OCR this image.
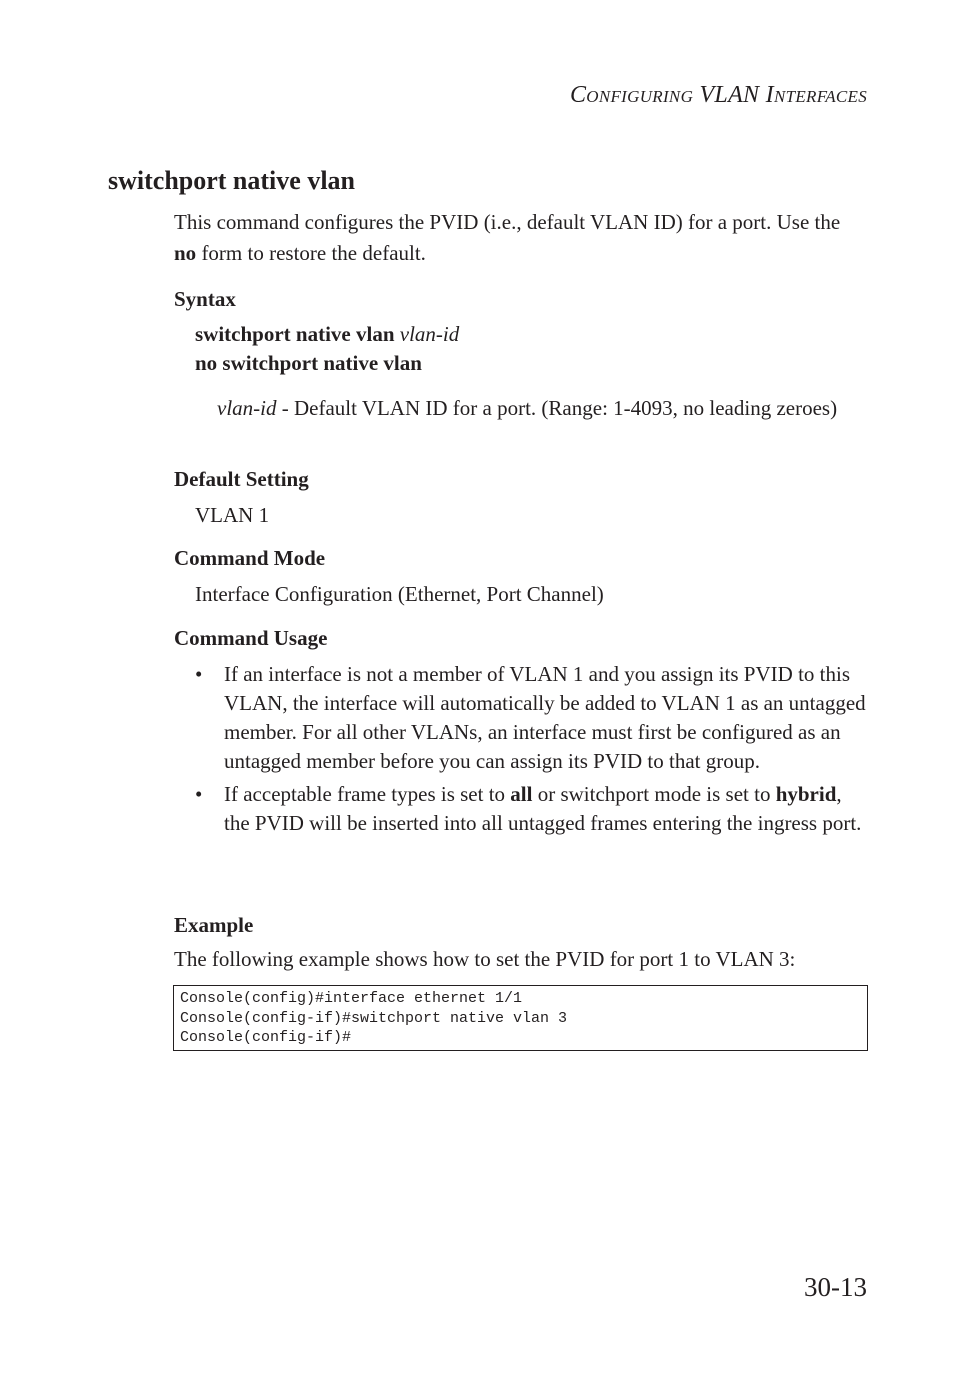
CONFIGURING VLAN INTERFACES
switchport native vlan

This command configures the PVID (i.e., default VLAN ID) for a port. Use the no form to restore the default.

Syntax
switchport native vlan vlan-id
no switchport native vlan

vlan-id - Default VLAN ID for a port. (Range: 1-4093, no leading zeroes)

Default Setting
VLAN 1
Command Mode
Interface Configuration (Ethernet, Port Channel)
Command Usage
• If an interface is not a member of VLAN 1 and you assign its PVID to this VLAN, the interface will automatically be added to VLAN 1 as an untagged member. For all other VLANs, an interface must first be configured as an untagged member before you can assign its PVID to that group.
• If acceptable frame types is set to all or switchport mode is set to hybrid, the PVID will be inserted into all untagged frames entering the ingress port.
Example

The following example shows how to set the PVID for port 1 to VLAN 3:

Console(config)#interface ethernet 1/1
Console(config-if)#switchport native vlan 3
Console(config-if)#
30-13
